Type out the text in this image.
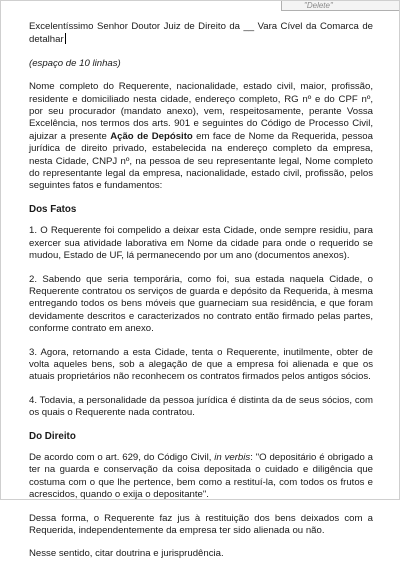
"Delete"

Excelentíssimo Senhor Doutor Juiz de Direito da __ Vara Cível da Comarca de detalhar

(espaço de 10 linhas)

Nome completo do Requerente, nacionalidade, estado civil, maior, profissão, residente e domiciliado nesta cidade, endereço completo, RG nº e do CPF nº, por seu procurador (mandato anexo), vem, respeitosamente, perante Vossa Excelência, nos termos dos arts. 901 e seguintes do Código de Processo Civil, ajuizar a presente Ação de Depósito em face de Nome da Requerida, pessoa jurídica de direito privado, estabelecida na endereço completo da empresa, nesta Cidade, CNPJ nº, na pessoa de seu representante legal, Nome completo do representante legal da empresa, nacionalidade, estado civil, profissão, pelos seguintes fatos e fundamentos:

Dos Fatos

1. O Requerente foi compelido a deixar esta Cidade, onde sempre residiu, para exercer sua atividade laborativa em Nome da cidade para onde o requerido se mudou, Estado de UF, lá permanecendo por um ano (documentos anexos).

2. Sabendo que seria temporária, como foi, sua estada naquela Cidade, o Requerente contratou os serviços de guarda e depósito da Requerida, à mesma entregando todos os bens móveis que guarneciam sua residência, e que foram devidamente descritos e caracterizados no contrato então firmado pelas partes, conforme contrato em anexo.

3. Agora, retornando a esta Cidade, tenta o Requerente, inutilmente, obter de volta aqueles bens, sob a alegação de que a empresa foi alienada e que os atuais proprietários não reconhecem os contratos firmados pelos antigos sócios.

4. Todavia, a personalidade da pessoa jurídica é distinta da de seus sócios, com os quais o Requerente nada contratou.

Do Direito

De acordo com o art. 629, do Código Civil, in verbis: "O depositário é obrigado a ter na guarda e conservação da coisa depositada o cuidado e diligência que costuma com o que lhe pertence, bem como a restituí-la, com todos os frutos e acrescidos, quando o exija o depositante".

Dessa forma, o Requerente faz jus à restituição dos bens deixados com a Requerida, independentemente da empresa ter sido alienada ou não.

Nesse sentido, citar doutrina e jurisprudência.
